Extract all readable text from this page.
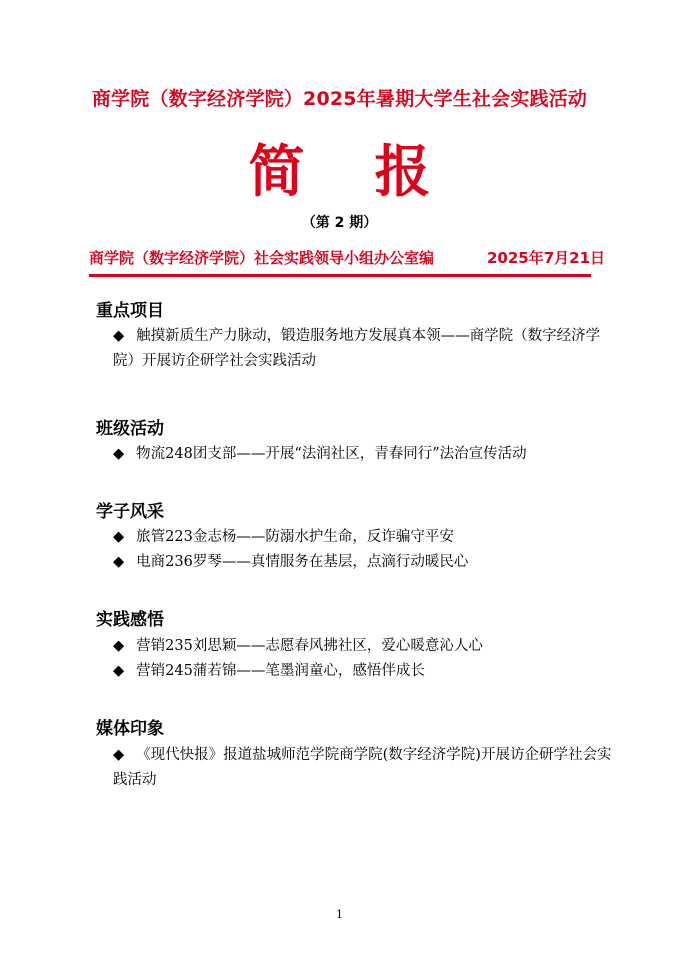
商学院（数字经济学院）2025年暑期大学生社会实践活动
简报
（第 2 期）
商学院（数字经济学院）社会实践领导小组办公室编	2025年7月21日
重点项目
◆ 触摸新质生产力脉动，锻造服务地方发展真本领——商学院（数字经济学院）开展访企研学社会实践活动
班级活动
◆ 物流248团支部——开展“法润社区，青春同行”法治宣传活动
学子风采
◆ 旅管223金志杨——防溺水护生命，反诈骗守平安
◆ 电商236罗琴——真情服务在基层，点滴行动暖民心
实践感悟
◆ 营销235刘思颖——志愿春风拂社区，爱心暖意沁人心
◆ 营销245蒲若锦——笔墨润童心，感悟伴成长
媒体印象
◆ 《现代快报》报道盐城师范学院商学院(数字经济学院)开展访企研学社会实践活动
1
